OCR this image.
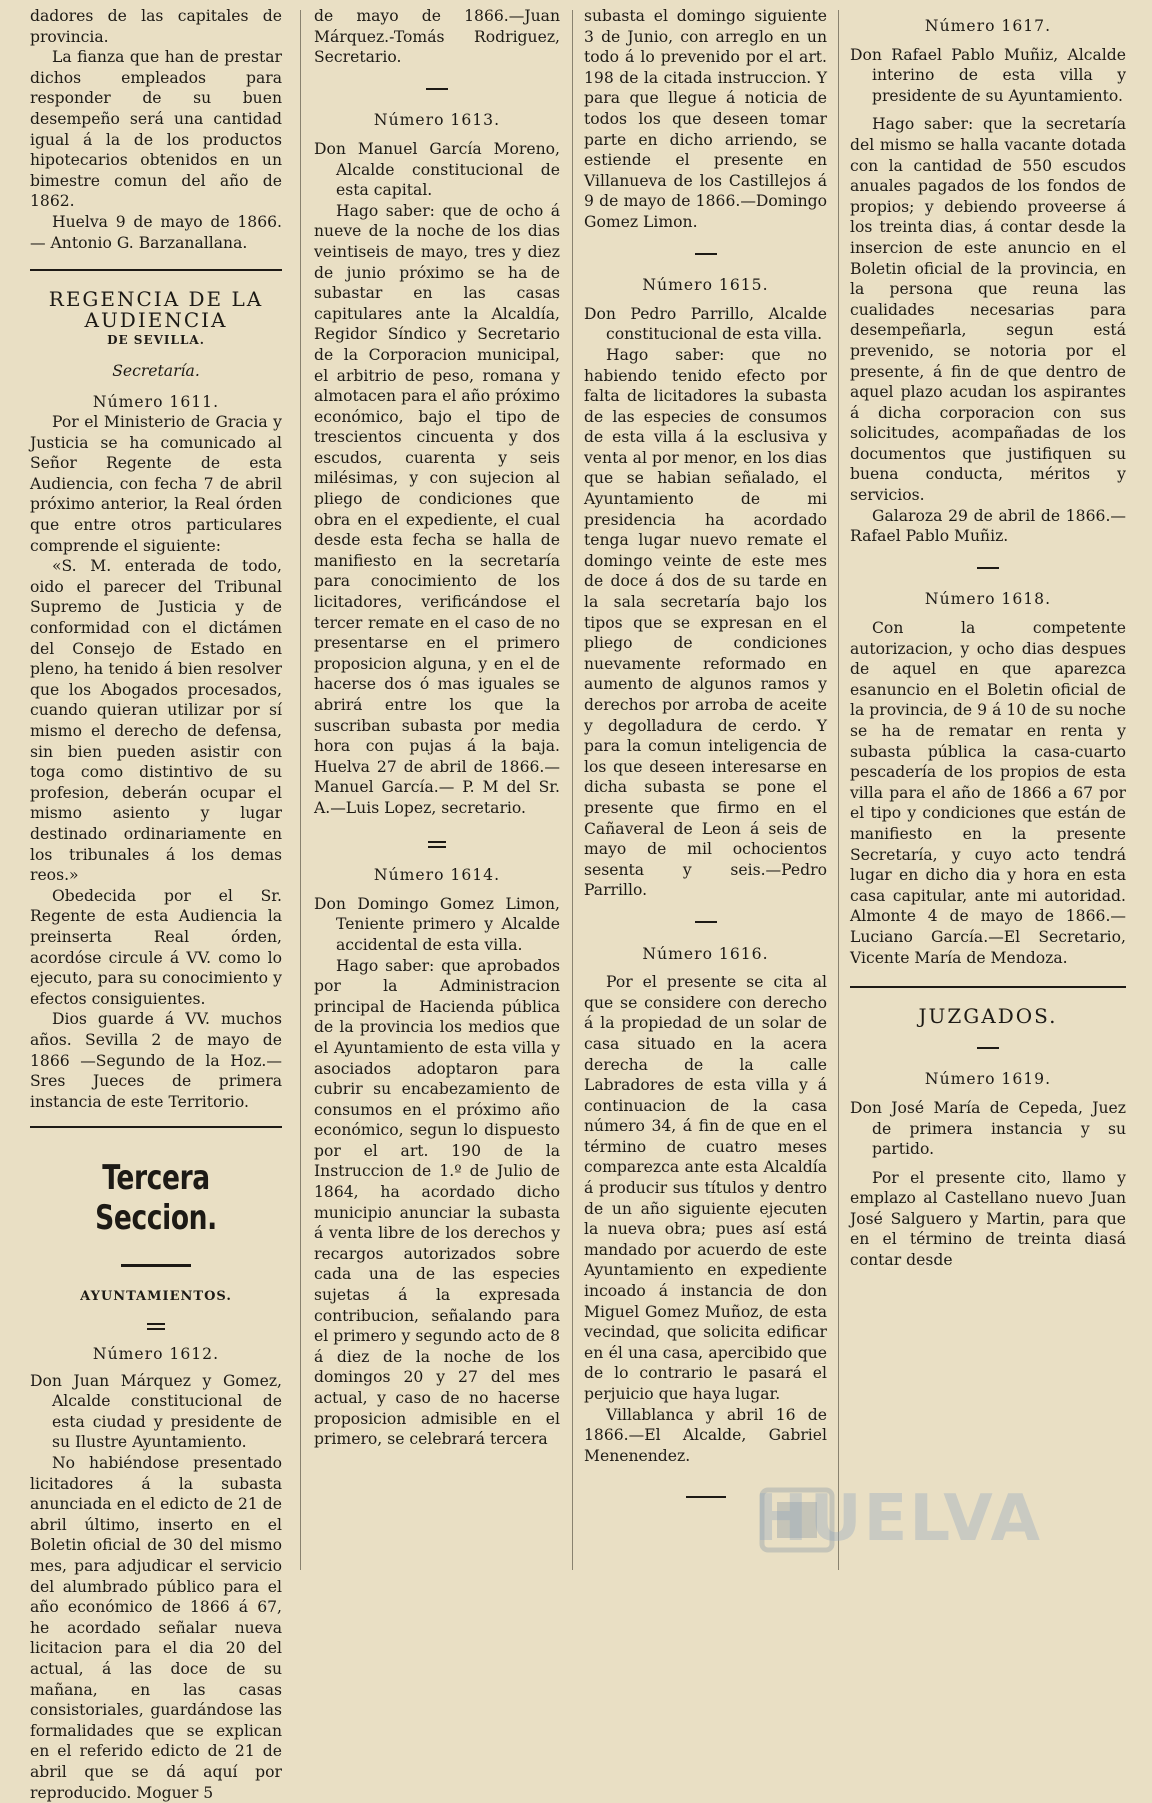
dadores de las capitales de provincia.

La fianza que han de prestar dichos empleados para responder de su buen desempeño será una cantidad igual á la de los productos hipotecarios obtenidos en un bimestre comun del año de 1862.

Huelva 9 de mayo de 1866.— Antonio G. Barzanallana.

REGENCIA DE LA AUDIENCIA

DE SEVILLA.

Secretaría.

Número 1611.

Por el Ministerio de Gracia y Justicia se ha comunicado al Señor Regente de esta Audiencia, con fecha 7 de abril próximo anterior, la Real órden que entre otros particulares comprende el siguiente:

«S. M. enterada de todo, oido el parecer del Tribunal Supremo de Justicia y de conformidad con el dictámen del Consejo de Estado en pleno, ha tenido á bien resolver que los Abogados procesados, cuando quieran utilizar por sí mismo el derecho de defensa, sin bien pueden asistir con toga como distintivo de su profesion, deberán ocupar el mismo asiento y lugar destinado ordinariamente en los tribunales á los demas reos.»

Obedecida por el Sr. Regente de esta Audiencia la preinserta Real órden, acordóse circule á VV. como lo ejecuto, para su conocimiento y efectos consiguientes.

Dios guarde á VV. muchos años. Sevilla 2 de mayo de 1866 —Segundo de la Hoz.—Sres Jueces de primera instancia de este Territorio.

Tercera Seccion.

AYUNTAMIENTOS.

Número 1612.

Don Juan Márquez y Gomez, Alcalde constitucional de esta ciudad y presidente de su Ilustre Ayuntamiento.

No habiéndose presentado licitadores á la subasta anunciada en el edicto de 21 de abril último, inserto en el Boletin oficial de 30 del mismo mes, para adjudicar el servicio del alumbrado público para el año económico de 1866 á 67, he acordado señalar nueva licitacion para el dia 20 del actual, á las doce de su mañana, en las casas consistoriales, guardándose las formalidades que se explican en el referido edicto de 21 de abril que se dá aquí por reproducido. Moguer 5

de mayo de 1866.—Juan Márquez.-Tomás Rodriguez, Secretario.

Número 1613.

Don Manuel García Moreno, Alcalde constitucional de esta capital.

Hago saber: que de ocho á nueve de la noche de los dias veintiseis de mayo, tres y diez de junio próximo se ha de subastar en las casas capitulares ante la Alcaldía, Regidor Síndico y Secretario de la Corporacion municipal, el arbitrio de peso, romana y almotacen para el año próximo económico, bajo el tipo de trescientos cincuenta y dos escudos, cuarenta y seis milésimas, y con sujecion al pliego de condiciones que obra en el expediente, el cual desde esta fecha se halla de manifiesto en la secretaría para conocimiento de los licitadores, verificándose el tercer remate en el caso de no presentarse en el primero proposicion alguna, y en el de hacerse dos ó mas iguales se abrirá entre los que la suscriban subasta por media hora con pujas á la baja. Huelva 27 de abril de 1866.—Manuel García.— P. M del Sr. A.—Luis Lopez, secretario.

Número 1614.

Don Domingo Gomez Limon, Teniente primero y Alcalde accidental de esta villa.

Hago saber: que aprobados por la Administracion principal de Hacienda pública de la provincia los medios que el Ayuntamiento de esta villa y asociados adoptaron para cubrir su encabezamiento de consumos en el próximo año económico, segun lo dispuesto por el art. 190 de la Instruccion de 1.º de Julio de 1864, ha acordado dicho municipio anunciar la subasta á venta libre de los derechos y recargos autorizados sobre cada una de las especies sujetas á la expresada contribucion, señalando para el primero y segundo acto de 8 á diez de la noche de los domingos 20 y 27 del mes actual, y caso de no hacerse proposicion admisible en el primero, se celebrará tercera

subasta el domingo siguiente 3 de Junio, con arreglo en un todo á lo prevenido por el art. 198 de la citada instruccion. Y para que llegue á noticia de todos los que deseen tomar parte en dicho arriendo, se estiende el presente en Villanueva de los Castillejos á 9 de mayo de 1866.—Domingo Gomez Limon.

Número 1615.

Don Pedro Parrillo, Alcalde constitucional de esta villa.

Hago saber: que no habiendo tenido efecto por falta de licitadores la subasta de las especies de consumos de esta villa á la esclusiva y venta al por menor, en los dias que se habian señalado, el Ayuntamiento de mi presidencia ha acordado tenga lugar nuevo remate el domingo veinte de este mes de doce á dos de su tarde en la sala secretaría bajo los tipos que se expresan en el pliego de condiciones nuevamente reformado en aumento de algunos ramos y derechos por arroba de aceite y degolladura de cerdo. Y para la comun inteligencia de los que deseen interesarse en dicha subasta se pone el presente que firmo en el Cañaveral de Leon á seis de mayo de mil ochocientos sesenta y seis.—Pedro Parrillo.

Número 1616.

Por el presente se cita al que se considere con derecho á la propiedad de un solar de casa situado en la acera derecha de la calle Labradores de esta villa y á continuacion de la casa número 34, á fin de que en el término de cuatro meses comparezca ante esta Alcaldía á producir sus títulos y dentro de un año siguiente ejecuten la nueva obra; pues así está mandado por acuerdo de este Ayuntamiento en expediente incoado á instancia de don Miguel Gomez Muñoz, de esta vecindad, que solicita edificar en él una casa, apercibido que de lo contrario le pasará el perjuicio que haya lugar.

Villablanca y abril 16 de 1866.—El Alcalde, Gabriel Menenendez.

Número 1617.

Don Rafael Pablo Muñiz, Alcalde interino de esta villa y presidente de su Ayuntamiento.

Hago saber: que la secretaría del mismo se halla vacante dotada con la cantidad de 550 escudos anuales pagados de los fondos de propios; y debiendo proveerse á los treinta dias, á contar desde la insercion de este anuncio en el Boletin oficial de la provincia, en la persona que reuna las cualidades necesarias para desempeñarla, segun está prevenido, se notoria por el presente, á fin de que dentro de aquel plazo acudan los aspirantes á dicha corporacion con sus solicitudes, acompañadas de los documentos que justifiquen su buena conducta, méritos y servicios.

Galaroza 29 de abril de 1866.—Rafael Pablo Muñiz.

Número 1618.

Con la competente autorizacion, y ocho dias despues de aquel en que aparezca esanuncio en el Boletin oficial de la provincia, de 9 á 10 de su noche se ha de rematar en renta y subasta pública la casa-cuarto pescadería de los propios de esta villa para el año de 1866 a 67 por el tipo y condiciones que están de manifiesto en la presente Secretaría, y cuyo acto tendrá lugar en dicho dia y hora en esta casa capitular, ante mi autoridad. Almonte 4 de mayo de 1866.—Luciano García.—El Secretario, Vicente María de Mendoza.

JUZGADOS.

Número 1619.

Don José María de Cepeda, Juez de primera instancia y su partido.

Por el presente cito, llamo y emplazo al Castellano nuevo Juan José Salguero y Martin, para que en el término de treinta diasá contar desde

HUELVA
